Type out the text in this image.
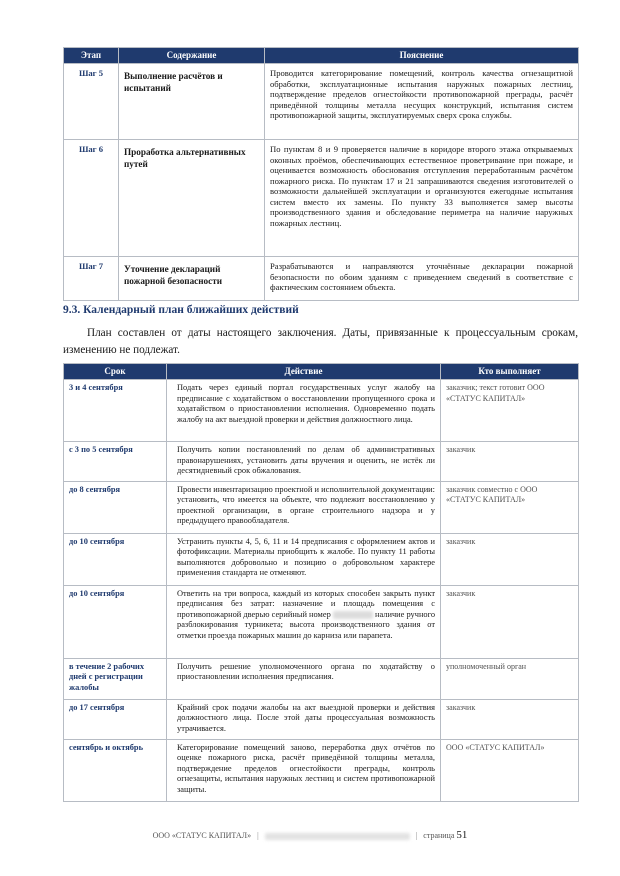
Этап	Содержание	Пояснение
Шаг 5	Выполнение расчётов и испытаний	Проводится категорирование помещений, контроль качества огнезащитной обработки, эксплуатационные испытания наружных пожарных лестниц, подтверждение пределов огнестойкости противопожарной преграды, расчёт приведённой толщины металла несущих конструкций, испытания систем противопожарной защиты, эксплуатируемых сверх срока службы.
Шаг 6	Проработка альтернативных путей	По пунктам 8 и 9 проверяется наличие в коридоре второго этажа открываемых оконных проёмов, обеспечивающих естественное проветривание при пожаре, и оценивается возможность обоснования отступления переработанным расчётом пожарного риска. По пунктам 17 и 21 запрашиваются сведения изготовителей о возможности дальнейшей эксплуатации и организуются ежегодные испытания систем вместо их замены. По пункту 33 выполняется замер высоты производственного здания и обследование периметра на наличие наружных пожарных лестниц.
Шаг 7	Уточнение деклараций пожарной безопасности	Разрабатываются и направляются уточнённые декларации пожарной безопасности по обоим зданиям с приведением сведений в соответствие с фактическим состоянием объекта.
9.3. Календарный план ближайших действий

План составлен от даты настоящего заключения. Даты, привязанные к процессуальным срокам, изменению не подлежат.

Срок	Действие	Кто выполняет
3 и 4 сентября	Подать через единый портал государственных услуг жалобу на предписание с ходатайством о восстановлении пропущенного срока и ходатайством о приостановлении исполнения. Одновременно подать жалобу на акт выездной проверки и действия должностного лица.	заказчик; текст готовит ООО «СТАТУС КАПИТАЛ»
с 3 по 5 сентября	Получить копии постановлений по делам об административных правонарушениях, установить даты вручения и оценить, не истёк ли десятидневный срок обжалования.	заказчик
до 8 сентября	Провести инвентаризацию проектной и исполнительной документации: установить, что имеется на объекте, что подлежит восстановлению у проектной организации, в органе строительного надзора и у предыдущего правообладателя.	заказчик совместно с ООО «СТАТУС КАПИТАЛ»
до 10 сентября	Устранить пункты 4, 5, 6, 11 и 14 предписания с оформлением актов и фотофиксации. Материалы приобщить к жалобе. По пункту 11 работы выполняются добровольно и позицию о добровольном характере применения стандарта не отменяют.	заказчик
до 10 сентября	Ответить на три вопроса, каждый из которых способен закрыть пункт предписания без затрат: назначение и площадь помещения с противопожарной дверью серийный номер наличие ручного разблокирования турникета; высота производственного здания от отметки проезда пожарных машин до карниза или парапета.	заказчик
в течение 2 рабочих дней с регистрации жалобы	Получить решение уполномоченного органа по ходатайству о приостановлении исполнения предписания.	уполномоченный орган
до 17 сентября	Крайний срок подачи жалобы на акт выездной проверки и действия должностного лица. После этой даты процессуальная возможность утрачивается.	заказчик
сентябрь и октябрь	Категорирование помещений заново, переработка двух отчётов по оценке пожарного риска, расчёт приведённой толщины металла, подтверждение пределов огнестойкости преграды, контроль огнезащиты, испытания наружных лестниц и систем противопожарной защиты.	ООО «СТАТУС КАПИТАЛ»
ООО «СТАТУС КАПИТАЛ» |	| страница 51
